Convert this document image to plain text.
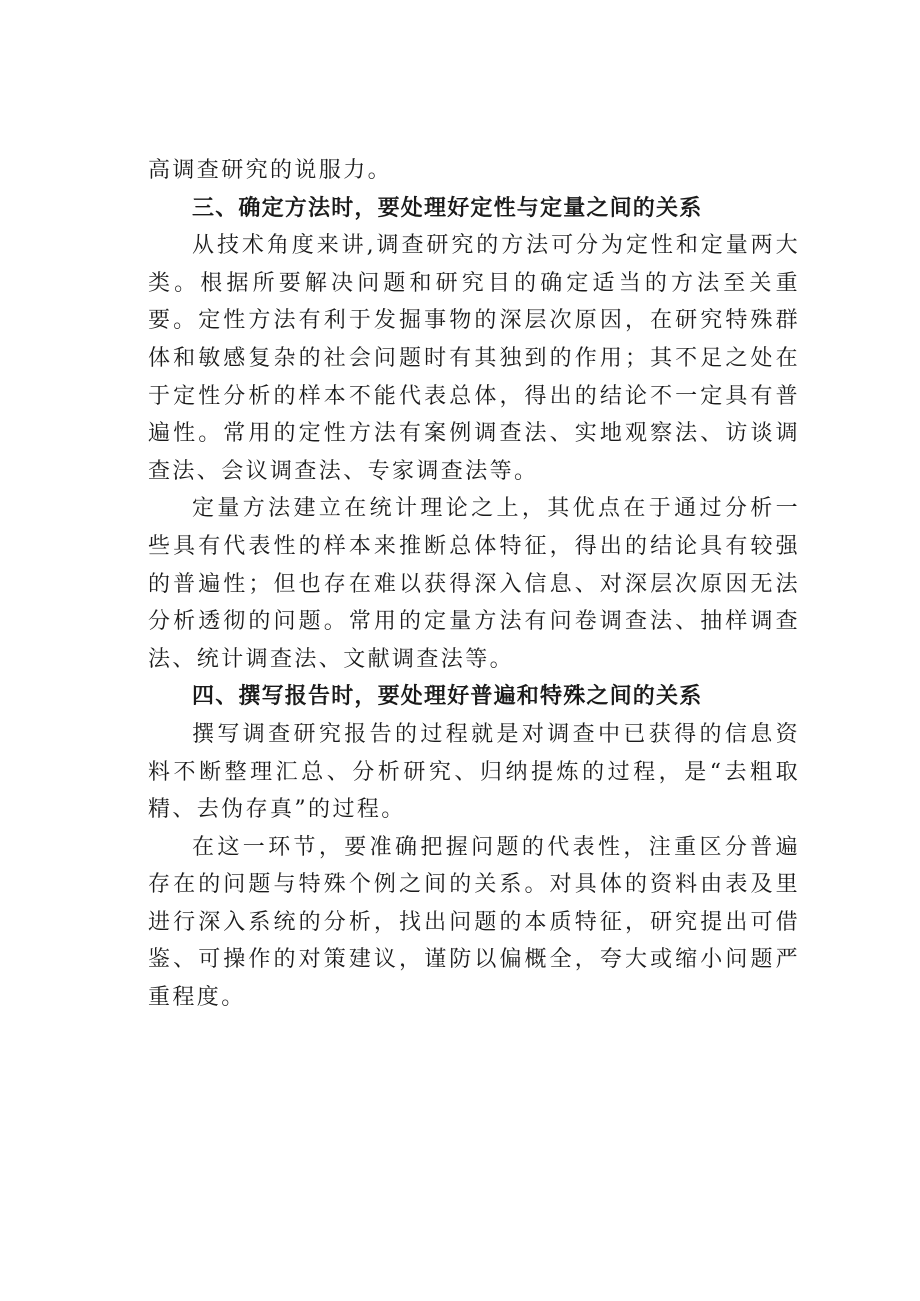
高调查研究的说服力。

三、确定方法时，要处理好定性与定量之间的关系

从技术角度来讲,调查研究的方法可分为定性和定量两大类。根据所要解决问题和研究目的确定适当的方法至关重要。定性方法有利于发掘事物的深层次原因，在研究特殊群体和敏感复杂的社会问题时有其独到的作用；其不足之处在于定性分析的样本不能代表总体，得出的结论不一定具有普遍性。常用的定性方法有案例调查法、实地观察法、访谈调查法、会议调查法、专家调查法等。

定量方法建立在统计理论之上，其优点在于通过分析一些具有代表性的样本来推断总体特征，得出的结论具有较强的普遍性；但也存在难以获得深入信息、对深层次原因无法分析透彻的问题。常用的定量方法有问卷调查法、抽样调查法、统计调查法、文献调查法等。

四、撰写报告时，要处理好普遍和特殊之间的关系

撰写调查研究报告的过程就是对调查中已获得的信息资料不断整理汇总、分析研究、归纳提炼的过程，是“去粗取精、去伪存真”的过程。

在这一环节，要准确把握问题的代表性，注重区分普遍存在的问题与特殊个例之间的关系。对具体的资料由表及里进行深入系统的分析，找出问题的本质特征，研究提出可借鉴、可操作的对策建议，谨防以偏概全，夸大或缩小问题严重程度。
